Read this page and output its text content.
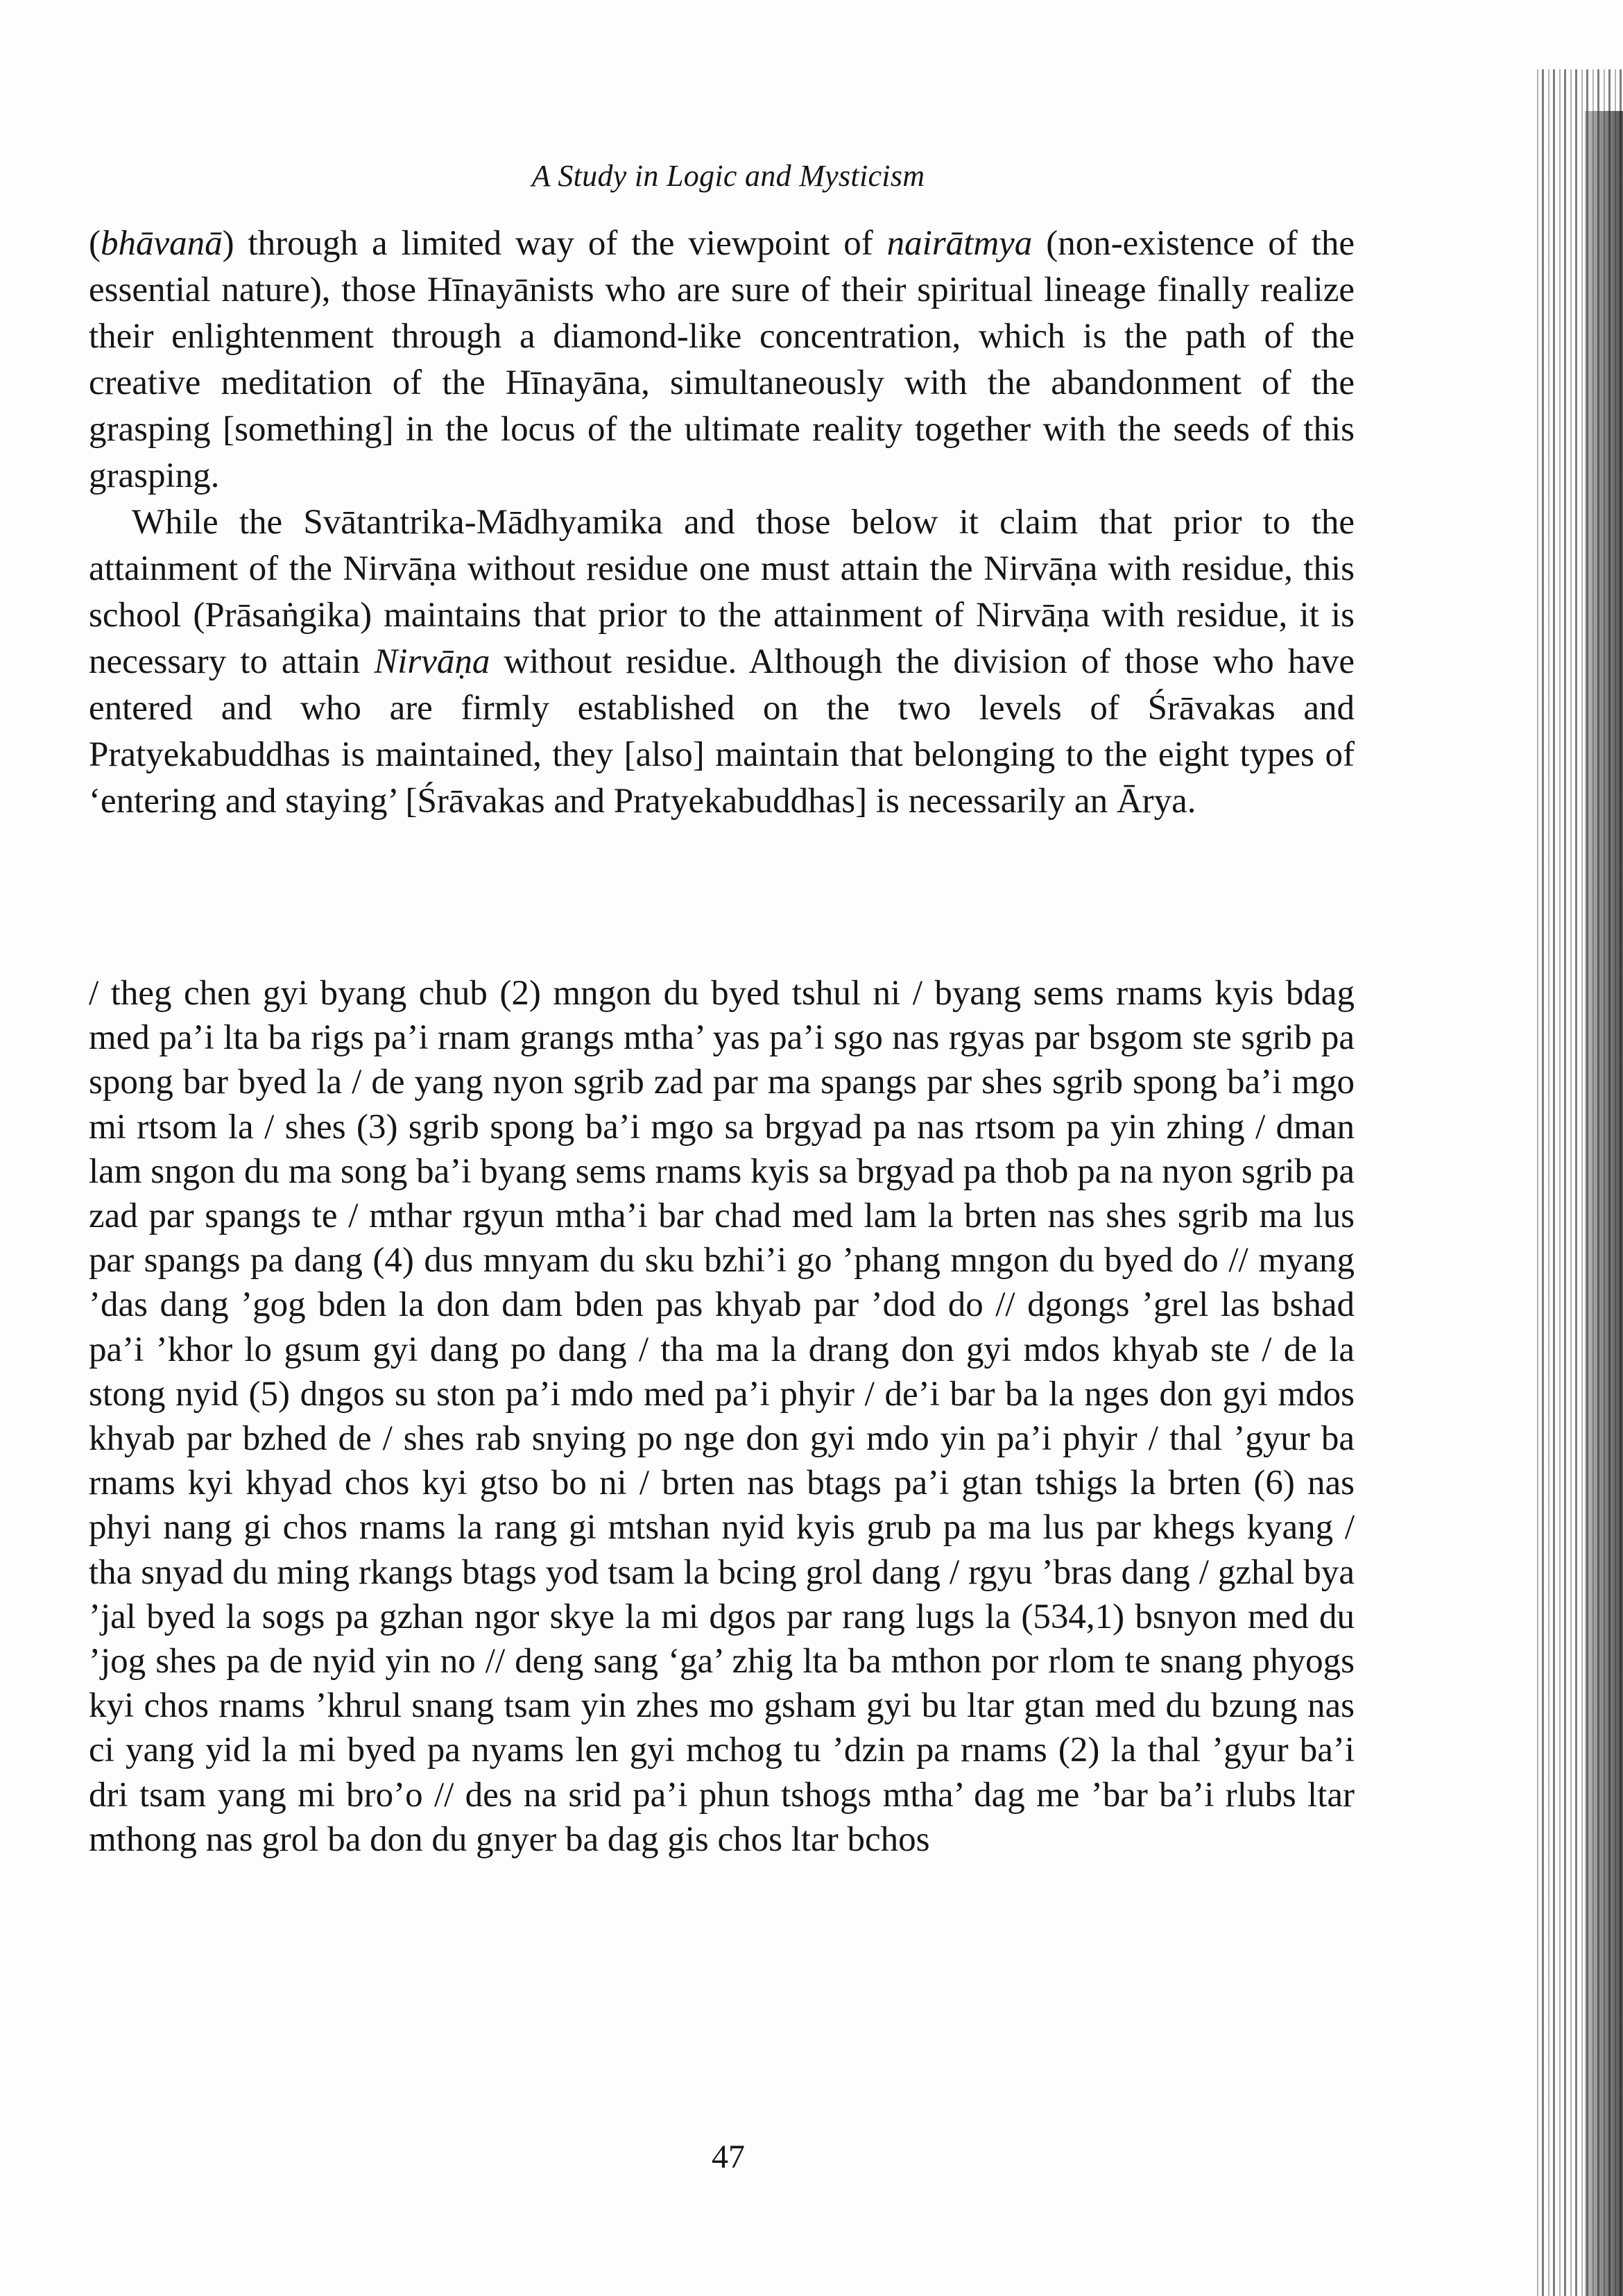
A Study in Logic and Mysticism

(bhāvanā) through a limited way of the viewpoint of nairātmya (non-existence of the essential nature), those Hīnayānists who are sure of their spiritual lineage finally realize their enlightenment through a diamond-like concentration, which is the path of the creative meditation of the Hīnayāna, simultaneously with the abandonment of the grasping [something] in the locus of the ultimate reality together with the seeds of this grasping.

While the Svātantrika-Mādhyamika and those below it claim that prior to the attainment of the Nirvāṇa without residue one must attain the Nirvāṇa with residue, this school (Prāsaṅgika) maintains that prior to the attainment of Nirvāṇa with residue, it is necessary to attain Nirvāṇa without residue. Although the division of those who have entered and who are firmly established on the two levels of Śrāvakas and Pratyekabuddhas is maintained, they [also] maintain that belonging to the eight types of ‘entering and staying’ [Śrāvakas and Pratyekabuddhas] is necessarily an Ārya.

/ theg chen gyi byang chub (2) mngon du byed tshul ni / byang sems rnams kyis bdag med pa’i lta ba rigs pa’i rnam grangs mtha’ yas pa’i sgo nas rgyas par bsgom ste sgrib pa spong bar byed la / de yang nyon sgrib zad par ma spangs par shes sgrib spong ba’i mgo mi rtsom la / shes (3) sgrib spong ba’i mgo sa brgyad pa nas rtsom pa yin zhing / dman lam sngon du ma song ba’i byang sems rnams kyis sa brgyad pa thob pa na nyon sgrib pa zad par spangs te / mthar rgyun mtha’i bar chad med lam la brten nas shes sgrib ma lus par spangs pa dang (4) dus mnyam du sku bzhi’i go ’phang mngon du byed do // myang ’das dang ’gog bden la don dam bden pas khyab par ’dod do // dgongs ’grel las bshad pa’i ’khor lo gsum gyi dang po dang / tha ma la drang don gyi mdos khyab ste / de la stong nyid (5) dngos su ston pa’i mdo med pa’i phyir / de’i bar ba la nges don gyi mdos khyab par bzhed de / shes rab snying po nge don gyi mdo yin pa’i phyir / thal ’gyur ba rnams kyi khyad chos kyi gtso bo ni / brten nas btags pa’i gtan tshigs la brten (6) nas phyi nang gi chos rnams la rang gi mtshan nyid kyis grub pa ma lus par khegs kyang / tha snyad du ming rkangs btags yod tsam la bcing grol dang / rgyu ’bras dang / gzhal bya ’jal byed la sogs pa gzhan ngor skye la mi dgos par rang lugs la (534,1) bsnyon med du ’jog shes pa de nyid yin no // deng sang ‘ga’ zhig lta ba mthon por rlom te snang phyogs kyi chos rnams ’khrul snang tsam yin zhes mo gsham gyi bu ltar gtan med du bzung nas ci yang yid la mi byed pa nyams len gyi mchog tu ’dzin pa rnams (2) la thal ’gyur ba’i dri tsam yang mi bro’o // des na srid pa’i phun tshogs mtha’ dag me ’bar ba’i rlubs ltar mthong nas grol ba don du gnyer ba dag gis chos ltar bchos

47
